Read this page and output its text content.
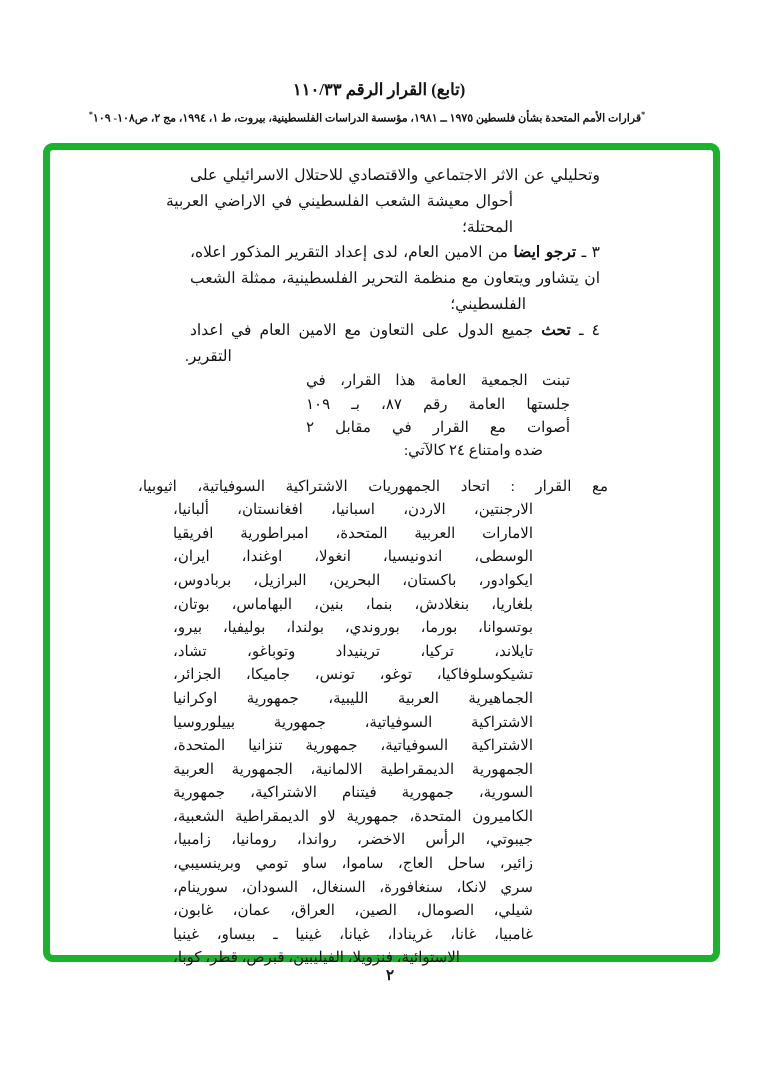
(تابع) القرار الرقم ١١٠/٣٣
*قرارات الأمم المتحدة بشأن فلسطين ١٩٧٥ ــ ١٩٨١، مؤسسة الدراسات الفلسطينية، بيروت، ط ١، ١٩٩٤، مج ٢، ص١٠٨- ١٠٩*
وتحليلي عن الاثر الاجتماعي والاقتصادي للاحتلال الاسرائيلي على
أحوال معيشة الشعب الفلسطيني في الاراضي العربية المحتلة؛
٣ ـ ترجو ايضا من الامين العام، لدى إعداد التقرير المذكور اعلاه،
ان يتشاور ويتعاون مع منظمة التحرير الفلسطينية، ممثلة الشعب
الفلسطيني؛
٤ ـ تحث جميع الدول على التعاون مع الامين العام في اعداد
التقرير.
تبنت الجمعية العامة هذا القرار، في
جلستها العامة رقم ٨٧، بـ ١٠٩
أصوات مع القرار في مقابل ٢
ضده وامتناع ٢٤ كالآتي:
مع القرار : اتحاد الجمهوريات الاشتراكية السوفياتية، اثيوبيا،
الارجنتين، الاردن، اسبانيا، افغانستان، ألبانيا،
الامارات العربية المتحدة، امبراطورية افريقيا
الوسطى، اندونيسيا، انغولا، اوغندا، ايران،
ايكوادور، باكستان، البحرين، البرازيل، بربادوس،
بلغاريا، بنغلادش، بنما، بنين، البهاماس، بوتان،
بوتسوانا، بورما، بوروندي، بولندا، بوليفيا، بيرو،
تايلاند، تركيا، ترينيداد وتوباغو، تشاد،
تشيكوسلوفاكيا، توغو، تونس، جاميكا، الجزائر،
الجماهيرية العربية الليبية، جمهورية اوكرانيا
الاشتراكية السوفياتية، جمهورية بييلوروسيا
الاشتراكية السوفياتية، جمهورية تنزانيا المتحدة،
الجمهورية الديمقراطية الالمانية، الجمهورية العربية
السورية، جمهورية فيتنام الاشتراكية، جمهورية
الكاميرون المتحدة، جمهورية لاو الديمقراطية الشعبية،
جيبوتي، الرأس الاخضر، رواندا، رومانيا، زامبيا،
زائير، ساحل العاج، ساموا، ساو تومي وبرينسيبي،
سري لانكا، سنغافورة، السنغال، السودان، سورينام،
شيلي، الصومال، الصين، العراق، عمان، غابون،
غامبيا، غانا، غرينادا، غيانا، غينيا ـ بيساو، غينيا
الاستوائية، فنزويلا، الفيليبين، قبرص، قطر، كوبا،
٢
